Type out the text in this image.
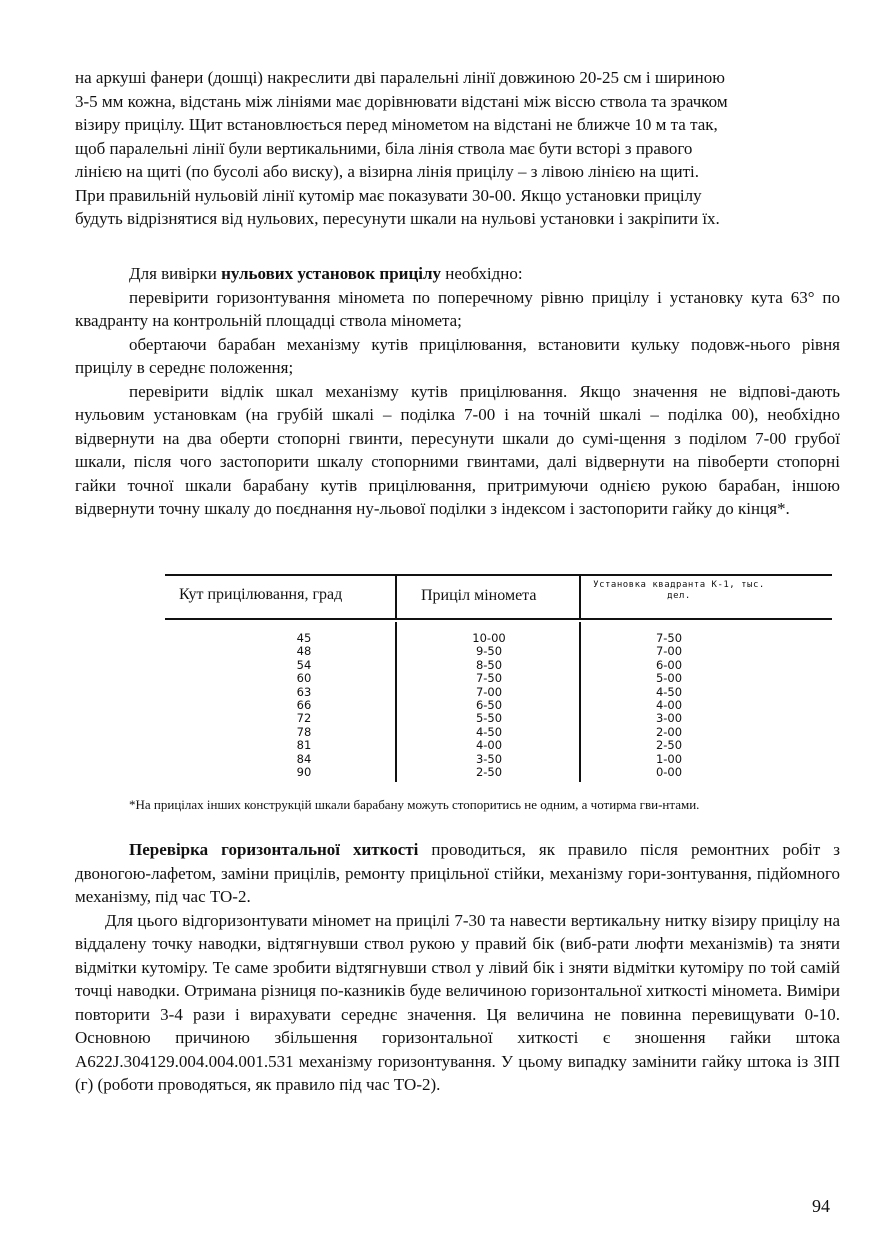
на аркуші фанери (дошці) накреслити дві паралельні лінії довжиною 20-25 см і шириною
3-5 мм кожна, відстань між лініями має дорівнювати відстані між віссю ствола та зрачком
візиру прицілу. Щит встановлюється перед мінометом на відстані не ближче 10 м та так,
щоб паралельні лінії були вертикальними, біла лінія ствола має бути всторі з правого
лінією на щиті (по бусолі або виску), а візирна лінія прицілу – з лівою лінією на щиті.
При правильній нульовій лінії кутомір має показувати 30-00. Якщо установки прицілу
будуть відрізнятися від нульових, пересунути шкали на нульові установки і закріпити їх.

Для вивірки нульових установок прицілу необхідно:

перевірити горизонтування міномета по поперечному рівню прицілу і установку кута 63° по квадранту на контрольній площадці ствола міномета;

обертаючи барабан механізму кутів прицілювання, встановити кульку подовж-нього рівня прицілу в середнє положення;

перевірити відлік шкал механізму кутів прицілювання. Якщо значення не відпові-дають нульовим установкам (на грубій шкалі – поділка 7-00 і на точній шкалі – поділка 00), необхідно відвернути на два оберти стопорні гвинти, пересунути шкали до сумі-щення з поділом 7-00 грубої шкали, після чого застопорити шкалу стопорними гвинтами, далі відвернути на півоберти стопорні гайки точної шкали барабану кутів прицілювання, притримуючи однією рукою барабан, іншою відвернути точну шкалу до поєднання ну-льової поділки з індексом і застопорити гайку до кінця*.

Кут прицілювання, град	Приціл міномета
Установка квадранта К-1, тыс. дел.
45
48
54
60
63
66
72
78
81
84
90
10-00
9-50
8-50
7-50
7-00
6-50
5-50
4-50
4-00
3-50
2-50
7-50
7-00
6-00
5-00
4-50
4-00
3-00
2-00
2-50
1-00
0-00

*На прицілах інших конструкцій шкали барабану можуть стопоритись не одним, а чотирма гви-нтами.

Перевірка горизонтальної хиткості проводиться, як правило після ремонтних робіт з двоногою-лафетом, заміни прицілів, ремонту прицільної стійки, механізму гори-зонтування, підйомного механізму, під час ТО-2.

Для цього відгоризонтувати міномет на прицілі 7-30 та навести вертикальну нитку візиру прицілу на віддалену точку наводки, відтягнувши ствол рукою у правий бік (виб-рати люфти механізмів) та зняти відмітки кутоміру. Те саме зробити відтягнувши ствол у лівий бік і зняти відмітки кутоміру по той самій точці наводки. Отримана різниця по-казників буде величиною горизонтальної хиткості міномета. Виміри повторити 3-4 рази і вирахувати середнє значення. Ця величина не повинна перевищувати 0-10. Основною причиною збільшення горизонтальної хиткості є зношення гайки штока А622J.304129.004.004.001.531 механізму горизонтування. У цьому випадку замінити гайку штока із ЗІП (г) (роботи проводяться, як правило під час ТО-2).

94
